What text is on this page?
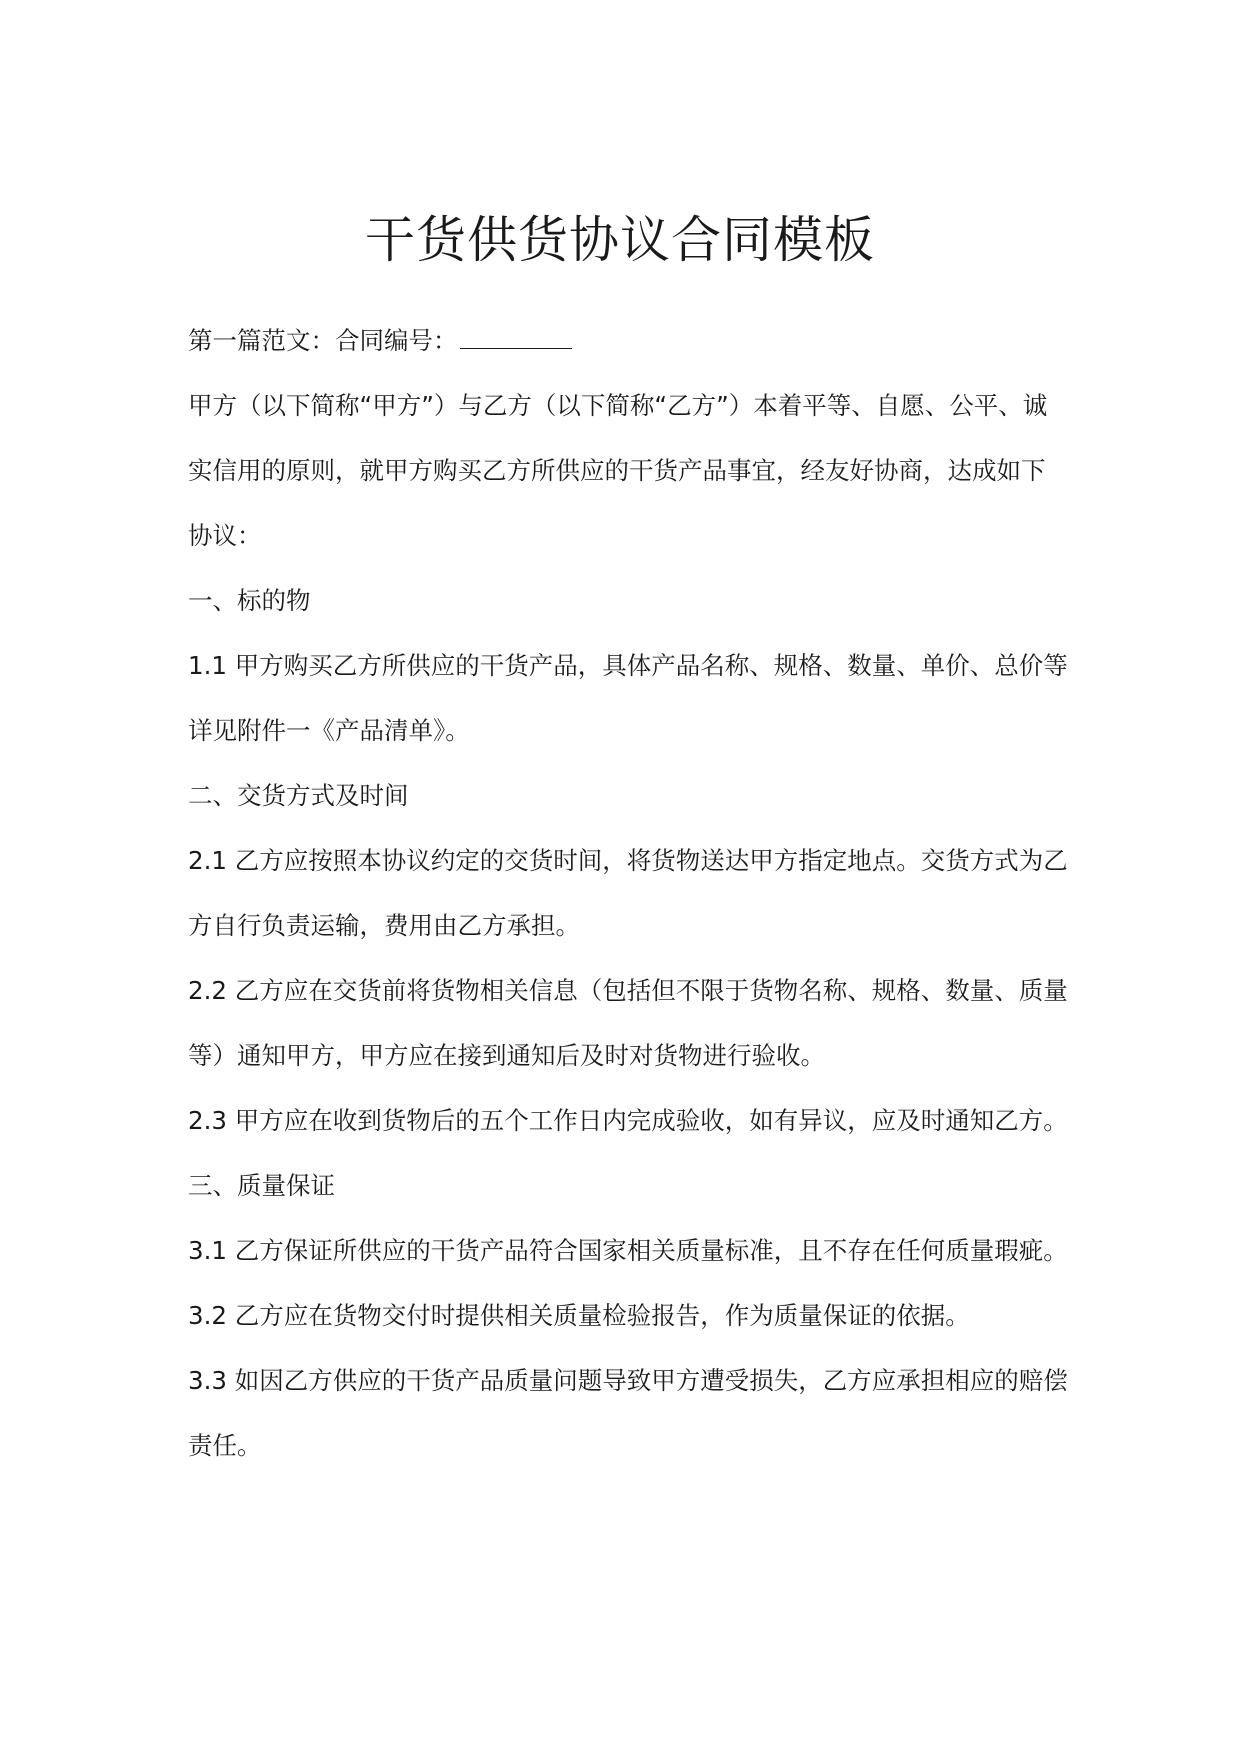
干货供货协议合同模板

第一篇范文：合同编号：

甲方（以下简称“甲方”）与乙方（以下简称“乙方”）本着平等、自愿、公平、诚实信用的原则，就甲方购买乙方所供应的干货产品事宜，经友好协商，达成如下协议：

一、标的物

1.1 甲方购买乙方所供应的干货产品，具体产品名称、规格、数量、单价、总价等详见附件一《产品清单》。

二、交货方式及时间

2.1 乙方应按照本协议约定的交货时间，将货物送达甲方指定地点。交货方式为乙方自行负责运输，费用由乙方承担。

2.2 乙方应在交货前将货物相关信息（包括但不限于货物名称、规格、数量、质量等）通知甲方，甲方应在接到通知后及时对货物进行验收。

2.3 甲方应在收到货物后的五个工作日内完成验收，如有异议，应及时通知乙方。

三、质量保证

3.1 乙方保证所供应的干货产品符合国家相关质量标准，且不存在任何质量瑕疵。

3.2 乙方应在货物交付时提供相关质量检验报告，作为质量保证的依据。

3.3 如因乙方供应的干货产品质量问题导致甲方遭受损失，乙方应承担相应的赔偿责任。
